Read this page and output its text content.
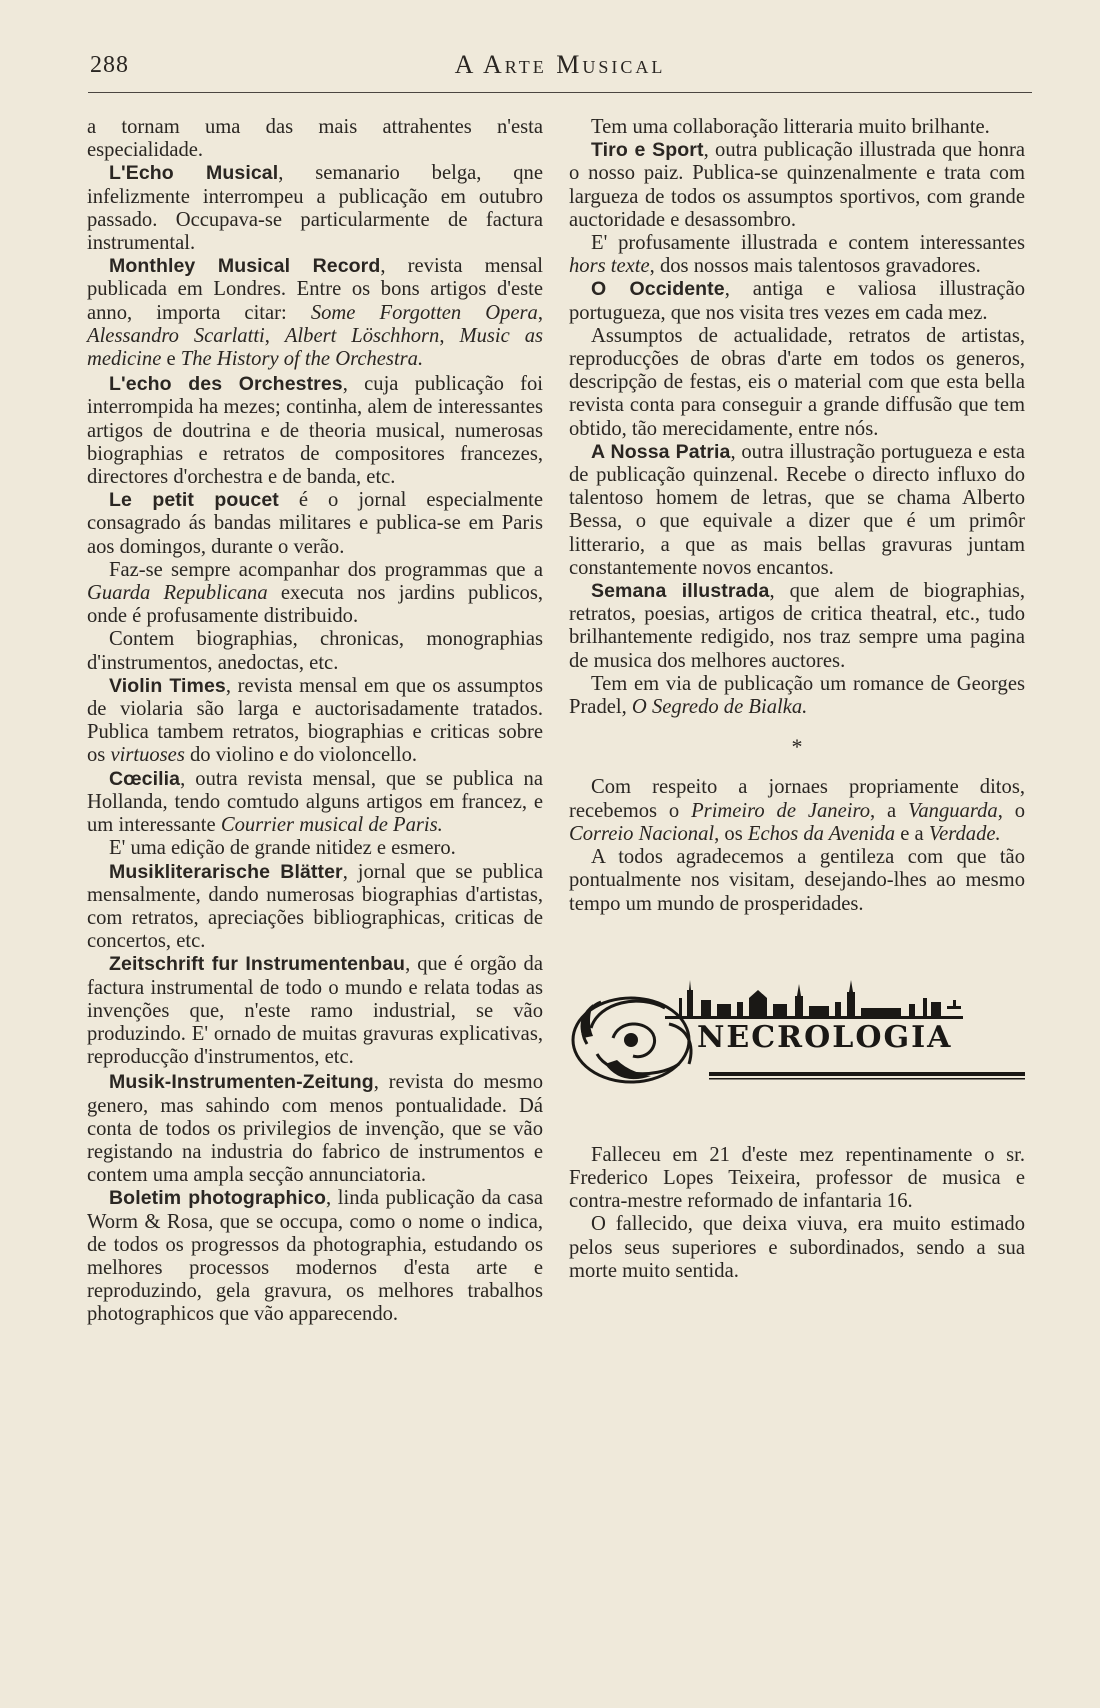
288	A Arte Musical

a tornam uma das mais attrahentes n'esta especialidade.

L'Echo Musical, semanario belga, qne infelizmente interrompeu a publicação em outubro passado. Occupava-se particularmente de factura instrumental.

Monthley Musical Record, revista mensal publicada em Londres. Entre os bons artigos d'este anno, importa citar: Some Forgotten Opera, Alessandro Scarlatti, Albert Löschhorn, Music as medicine e The History of the Orchestra.

L'echo des Orchestres, cuja publicação foi interrompida ha mezes; continha, alem de interessantes artigos de doutrina e de theoria musical, numerosas biographias e retratos de compositores francezes, directores d'orchestra e de banda, etc.

Le petit poucet é o jornal especialmente consagrado ás bandas militares e publica-se em Paris aos domingos, durante o verão.

Faz-se sempre acompanhar dos programmas que a Guarda Republicana executa nos jardins publicos, onde é profusamente distribuido.

Contem biographias, chronicas, monographias d'instrumentos, anedoctas, etc.

Violin Times, revista mensal em que os assumptos de violaria são larga e auctorisadamente tratados. Publica tambem retratos, biographias e criticas sobre os virtuoses do violino e do violoncello.

Cœcilia, outra revista mensal, que se publica na Hollanda, tendo comtudo alguns artigos em francez, e um interessante Courrier musical de Paris.

E' uma edição de grande nitidez e esmero.

Musikliterarische Blätter, jornal que se publica mensalmente, dando numerosas biographias d'artistas, com retratos, apreciações bibliographicas, criticas de concertos, etc.

Zeitschrift fur Instrumentenbau, que é orgão da factura instrumental de todo o mundo e relata todas as invenções que, n'este ramo industrial, se vão produzindo. E' ornado de muitas gravuras explicativas, reproducção d'instrumentos, etc.

Musik-Instrumenten-Zeitung, revista do mesmo genero, mas sahindo com menos pontualidade. Dá conta de todos os privilegios de invenção, que se vão registando na industria do fabrico de instrumentos e contem uma ampla secção annunciatoria.

Boletim photographico, linda publicação da casa Worm & Rosa, que se occupa, como o nome o indica, de todos os progressos da photographia, estudando os melhores processos modernos d'esta arte e reproduzindo, gela gravura, os melhores trabalhos photographicos que vão apparecendo.

Tem uma collaboração litteraria muito brilhante.

Tiro e Sport, outra publicação illustrada que honra o nosso paiz. Publica-se quinzenalmente e trata com largueza de todos os assumptos sportivos, com grande auctoridade e desassombro.

E' profusamente illustrada e contem interessantes hors texte, dos nossos mais talentosos gravadores.

O Occidente, antiga e valiosa illustração portugueza, que nos visita tres vezes em cada mez.

Assumptos de actualidade, retratos de artistas, reproducções de obras d'arte em todos os generos, descripção de festas, eis o material com que esta bella revista conta para conseguir a grande diffusão que tem obtido, tão merecidamente, entre nós.

A Nossa Patria, outra illustração portugueza e esta de publicação quinzenal. Recebe o directo influxo do talentoso homem de letras, que se chama Alberto Bessa, o que equivale a dizer que é um primôr litterario, a que as mais bellas gravuras juntam constantemente novos encantos.

Semana illustrada, que alem de biographias, retratos, poesias, artigos de critica theatral, etc., tudo brilhantemente redigido, nos traz sempre uma pagina de musica dos melhores auctores.

Tem em via de publicação um romance de Georges Pradel, O Segredo de Bialka.

*

Com respeito a jornaes propriamente ditos, recebemos o Primeiro de Janeiro, a Vanguarda, o Correio Nacional, os Echos da Avenida e a Verdade.

A todos agradecemos a gentileza com que tão pontualmente nos visitam, desejando-lhes ao mesmo tempo um mundo de prosperidades.

NECROLOGIA

Falleceu em 21 d'este mez repentinamente o sr. Frederico Lopes Teixeira, professor de musica e contra-mestre reformado de infantaria 16.

O fallecido, que deixa viuva, era muito estimado pelos seus superiores e subordinados, sendo a sua morte muito sentida.
